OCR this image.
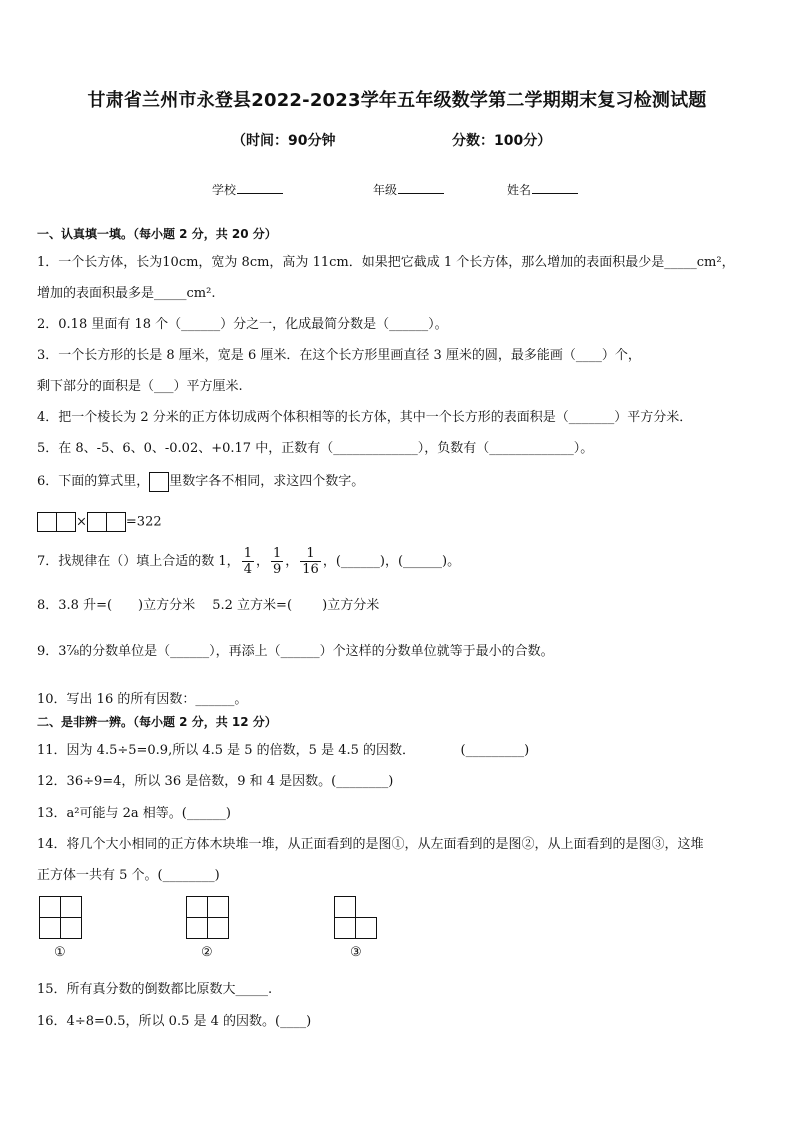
甘肃省兰州市永登县2022-2023学年五年级数学第二学期期末复习检测试题
（时间：90分钟	分数：100分）
学校	年级	姓名
一、认真填一填。（每小题 2 分，共 20 分）
1．一个长方体，长为10cm，宽为 8cm，高为 11cm．如果把它截成 1 个长方体，那么增加的表面积最少是_____cm²，
增加的表面积最多是_____cm².
2．0.18 里面有 18 个（______）分之一，化成最简分数是（______）。
3．一个长方形的长是 8 厘米，宽是 6 厘米．在这个长方形里画直径 3 厘米的圆，最多能画（____）个，
剩下部分的面积是（___）平方厘米.
4．把一个棱长为 2 分米的正方体切成两个体积相等的长方体，其中一个长方形的表面积是（_______）平方分米．
5．在 8、-5、6、0、-0.02、+0.17 中，正数有（_____________），负数有（_____________）。
6．下面的算式里， 里数字各不相同，求这四个数字。
×	=322
7．找规律在（）填上合适的数 1， $\frac{1}{4}$ ， $\frac{1}{9}$ ， $\frac{1}{16}$ ，(______)，(______)。
8．3.8 升=(　　)立方分米　 5.2 立方米=(　　 )立方分米
9．3⅞的分数单位是（______），再添上（______）个这样的分数单位就等于最小的合数。
10．写出 16 的所有因数：______。
二、是非辨一辨。（每小题 2 分，共 12 分）
11．因为 4.5÷5=0.9,所以 4.5 是 5 的倍数，5 是 4.5 的因数．　　　　(_________)
12．36÷9=4，所以 36 是倍数，9 和 4 是因数。(________)
13．a²可能与 2a 相等。(______)
14．将几个大小相同的正方体木块堆一堆，从正面看到的是图①，从左面看到的是图②，从上面看到的是图③，这堆
正方体一共有 5 个。(________)
①	②	③
15．所有真分数的倒数都比原数大_____.
16．4÷8=0.5，所以 0.5 是 4 的因数。(____)
